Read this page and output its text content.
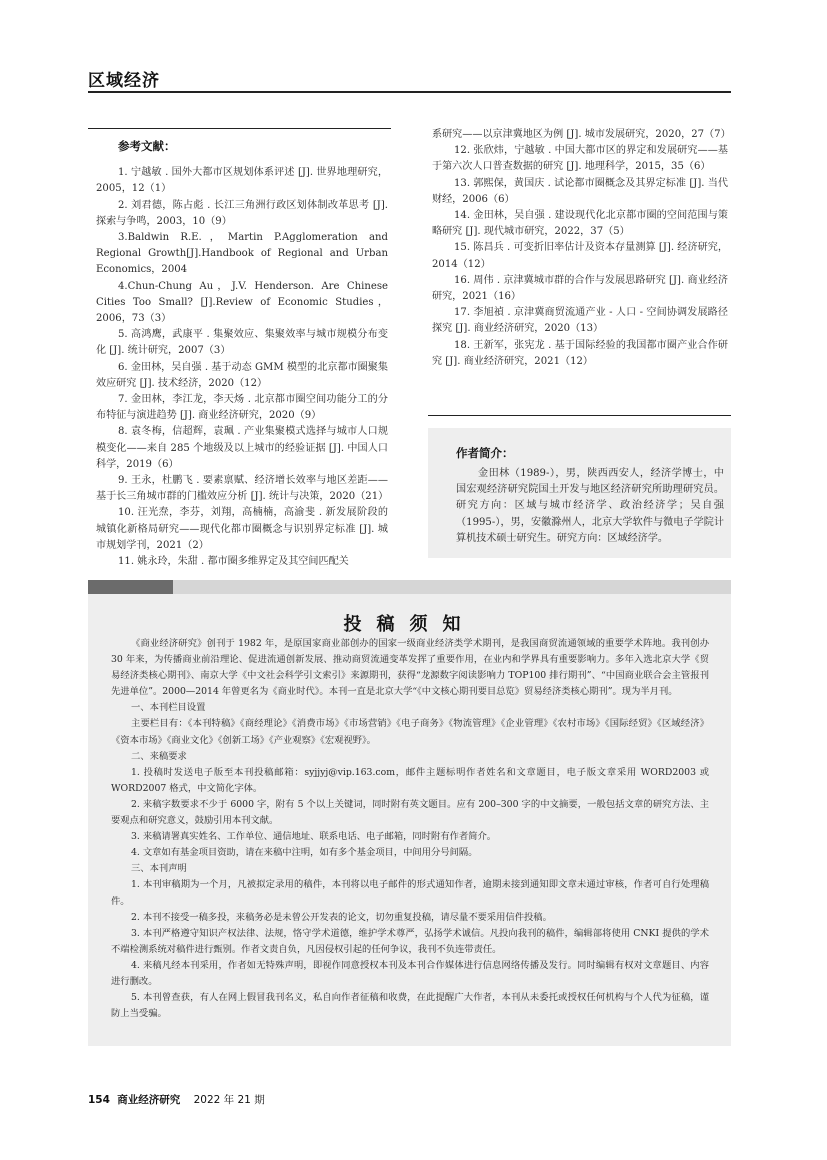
区域经济
参考文献：

1. 宁越敏 . 国外大都市区规划体系评述 [J]. 世界地理研究，2005，12（1）

2. 刘君德，陈占彪 . 长江三角洲行政区划体制改革思考 [J]. 探索与争鸣，2003，10（9）

3.Baldwin R.E.，Martin P.Agglomeration and Regional Growth[J].Handbook of Regional and Urban Economics，2004

4.Chun-Chung Au，J.V. Henderson. Are Chinese Cities Too Small? [J].Review of Economic Studies，2006，73（3）

5. 高鸿鹰，武康平 . 集聚效应、集聚效率与城市规模分布变化 [J]. 统计研究，2007（3）

6. 金田林，吴自强 . 基于动态 GMM 模型的北京都市圈聚集效应研究 [J]. 技术经济，2020（12）

7. 金田林，李江龙，李天炀 . 北京都市圈空间功能分工的分布特征与演进趋势 [J]. 商业经济研究，2020（9）

8. 袁冬梅，信超辉，袁珮 . 产业集聚模式选择与城市人口规模变化——来自 285 个地级及以上城市的经验证据 [J]. 中国人口科学，2019（6）

9. 王永，杜鹏飞 . 要素禀赋、经济增长效率与地区差距——基于长三角城市群的门槛效应分析 [J]. 统计与决策，2020（21）

10. 汪光焘，李芬，刘翔，高楠楠，高渝斐 . 新发展阶段的城镇化新格局研究——现代化都市圈概念与识别界定标准 [J]. 城市规划学刊，2021（2）

11. 姚永玲，朱甜 . 都市圈多维界定及其空间匹配关

系研究——以京津冀地区为例 [J]. 城市发展研究，2020，27（7）

12. 张欣炜，宁越敏 . 中国大都市区的界定和发展研究——基于第六次人口普查数据的研究 [J]. 地理科学，2015，35（6）

13. 郭熙保，黄国庆 . 试论都市圈概念及其界定标准 [J]. 当代财经，2006（6）

14. 金田林，吴自强 . 建设现代化北京都市圈的空间范围与策略研究 [J]. 现代城市研究，2022，37（5）

15. 陈昌兵 . 可变折旧率估计及资本存量测算 [J]. 经济研究，2014（12）

16. 周伟 . 京津冀城市群的合作与发展思路研究 [J]. 商业经济研究，2021（16）

17. 李旭禎 . 京津冀商贸流通产业 - 人口 - 空间协调发展路径探究 [J]. 商业经济研究，2020（13）

18. 王新军，张宪龙 . 基于国际经验的我国都市圈产业合作研究 [J]. 商业经济研究，2021（12）

作者简介：

金田林（1989-），男，陕西西安人，经济学博士，中国宏观经济研究院国土开发与地区经济研究所助理研究员。研究方向：区域与城市经济学、政治经济学；吴自强（1995-），男，安徽滁州人，北京大学软件与微电子学院计算机技术硕士研究生。研究方向：区域经济学。

投稿须知

《商业经济研究》创刊于 1982 年，是原国家商业部创办的国家一级商业经济类学术期刊，是我国商贸流通领域的重要学术阵地。我刊创办 30 年来，为传播商业前沿理论、促进流通创新发展、推动商贸流通变革发挥了重要作用，在业内和学界具有重要影响力。多年入选北京大学《贸易经济类核心期刊》、南京大学《中文社会科学引文索引》来源期刊，获得“龙源数字阅读影响力 TOP100 排行期刊”、“中国商业联合会主管报刊先进单位”。2000—2014 年曾更名为《商业时代》。本刊一直是北京大学“《中文核心期刊要目总览》贸易经济类核心期刊”。现为半月刊。

一、本刊栏目设置

主要栏目有：《本刊特稿》《商经理论》《消费市场》《市场营销》《电子商务》《物流管理》《企业管理》《农村市场》《国际经贸》《区域经济》《资本市场》《商业文化》《创新工场》《产业观察》《宏观视野》。

二、来稿要求

1. 投稿时发送电子版至本刊投稿邮箱：syjjyj@vip.163.com，邮件主题标明作者姓名和文章题目，电子版文章采用 WORD2003 或 WORD2007 格式，中文简化字体。

2. 来稿字数要求不少于 6000 字，附有 5 个以上关键词，同时附有英文题目。应有 200–300 字的中文摘要，一般包括文章的研究方法、主要观点和研究意义，鼓励引用本刊文献。

3. 来稿请署真实姓名、工作单位、通信地址、联系电话、电子邮箱，同时附有作者简介。

4. 文章如有基金项目资助，请在来稿中注明，如有多个基金项目，中间用分号间隔。

三、本刊声明

1. 本刊审稿期为一个月，凡被拟定录用的稿件，本刊将以电子邮件的形式通知作者，逾期未接到通知即文章未通过审核，作者可自行处理稿件。

2. 本刊不接受一稿多投，来稿务必是未曾公开发表的论文，切勿重复投稿，请尽量不要采用信件投稿。

3. 本刊严格遵守知识产权法律、法规，恪守学术道德，维护学术尊严，弘扬学术诚信。凡投向我刊的稿件，编辑部将使用 CNKI 提供的学术不端检测系统对稿件进行甄别。作者文责自负，凡因侵权引起的任何争议，我刊不负连带责任。

4. 来稿凡经本刊采用，作者如无特殊声明，即视作同意授权本刊及本刊合作媒体进行信息网络传播及发行。同时编辑有权对文章题目、内容进行删改。

5. 本刊曾查获，有人在网上假冒我刊名义，私自向作者征稿和收费，在此提醒广大作者，本刊从未委托或授权任何机构与个人代为征稿，谨防上当受骗。

154 商业经济研究 2022 年 21 期
